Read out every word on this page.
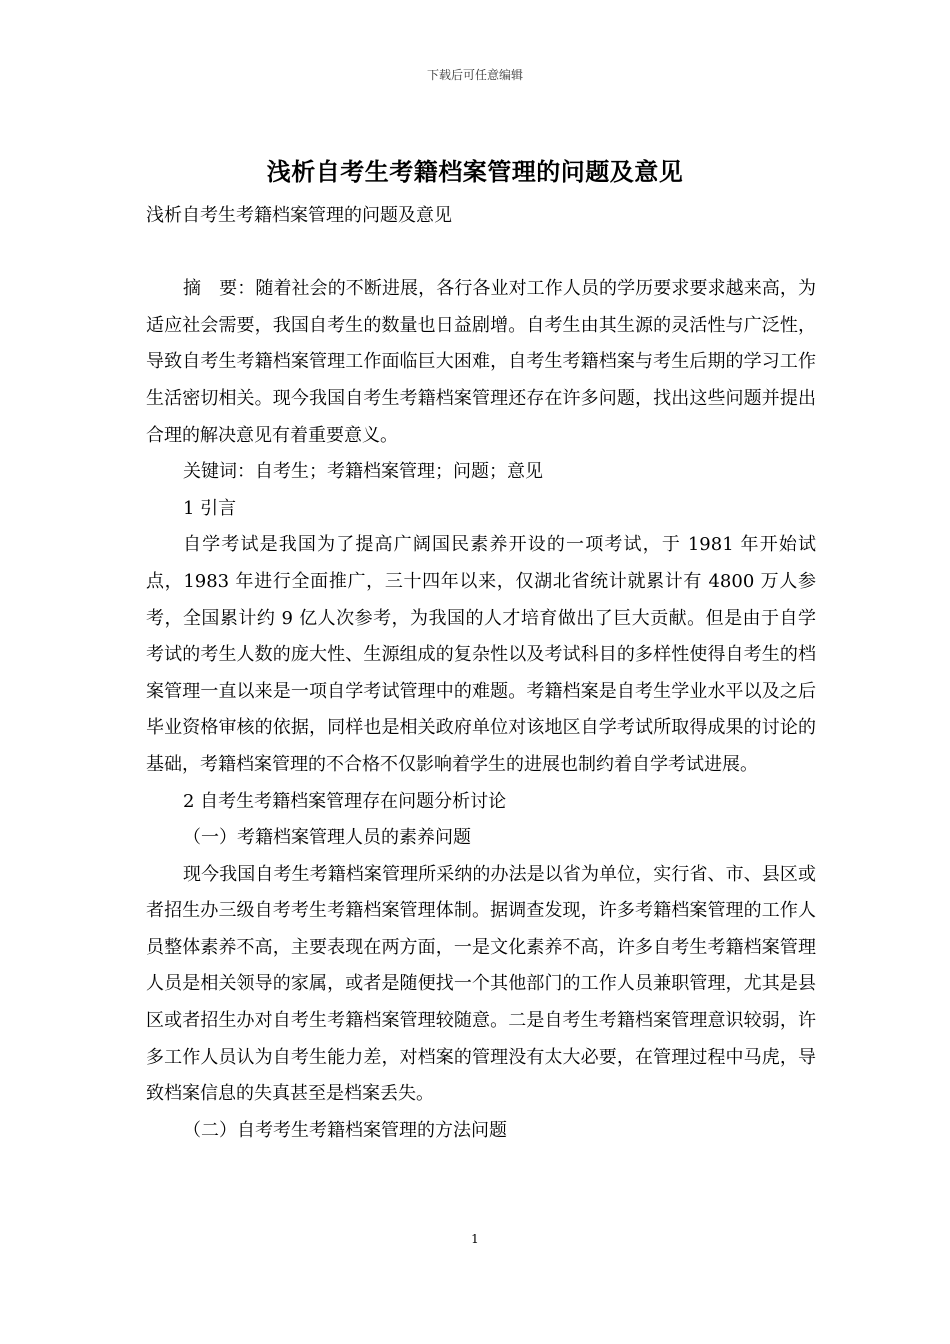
下载后可任意编辑
浅析自考生考籍档案管理的问题及意见

浅析自考生考籍档案管理的问题及意见

摘　要：随着社会的不断进展，各行各业对工作人员的学历要求要求越来高，为适应社会需要，我国自考生的数量也日益剧增。自考生由其生源的灵活性与广泛性，导致自考生考籍档案管理工作面临巨大困难，自考生考籍档案与考生后期的学习工作生活密切相关。现今我国自考生考籍档案管理还存在许多问题，找出这些问题并提出合理的解决意见有着重要意义。

关键词：自考生；考籍档案管理；问题；意见

1 引言

自学考试是我国为了提高广阔国民素养开设的一项考试，于 1981 年开始试点，1983 年进行全面推广，三十四年以来，仅湖北省统计就累计有 4800 万人参考，全国累计约 9 亿人次参考，为我国的人才培育做出了巨大贡献。但是由于自学考试的考生人数的庞大性、生源组成的复杂性以及考试科目的多样性使得自考生的档案管理一直以来是一项自学考试管理中的难题。考籍档案是自考生学业水平以及之后毕业资格审核的依据，同样也是相关政府单位对该地区自学考试所取得成果的讨论的基础，考籍档案管理的不合格不仅影响着学生的进展也制约着自学考试进展。

2 自考生考籍档案管理存在问题分析讨论

（一）考籍档案管理人员的素养问题

现今我国自考生考籍档案管理所采纳的办法是以省为单位，实行省、市、县区或者招生办三级自考考生考籍档案管理体制。据调查发现，许多考籍档案管理的工作人员整体素养不高，主要表现在两方面，一是文化素养不高，许多自考生考籍档案管理人员是相关领导的家属，或者是随便找一个其他部门的工作人员兼职管理，尤其是县区或者招生办对自考生考籍档案管理较随意。二是自考生考籍档案管理意识较弱，许多工作人员认为自考生能力差，对档案的管理没有太大必要，在管理过程中马虎，导致档案信息的失真甚至是档案丢失。

（二）自考考生考籍档案管理的方法问题

1
